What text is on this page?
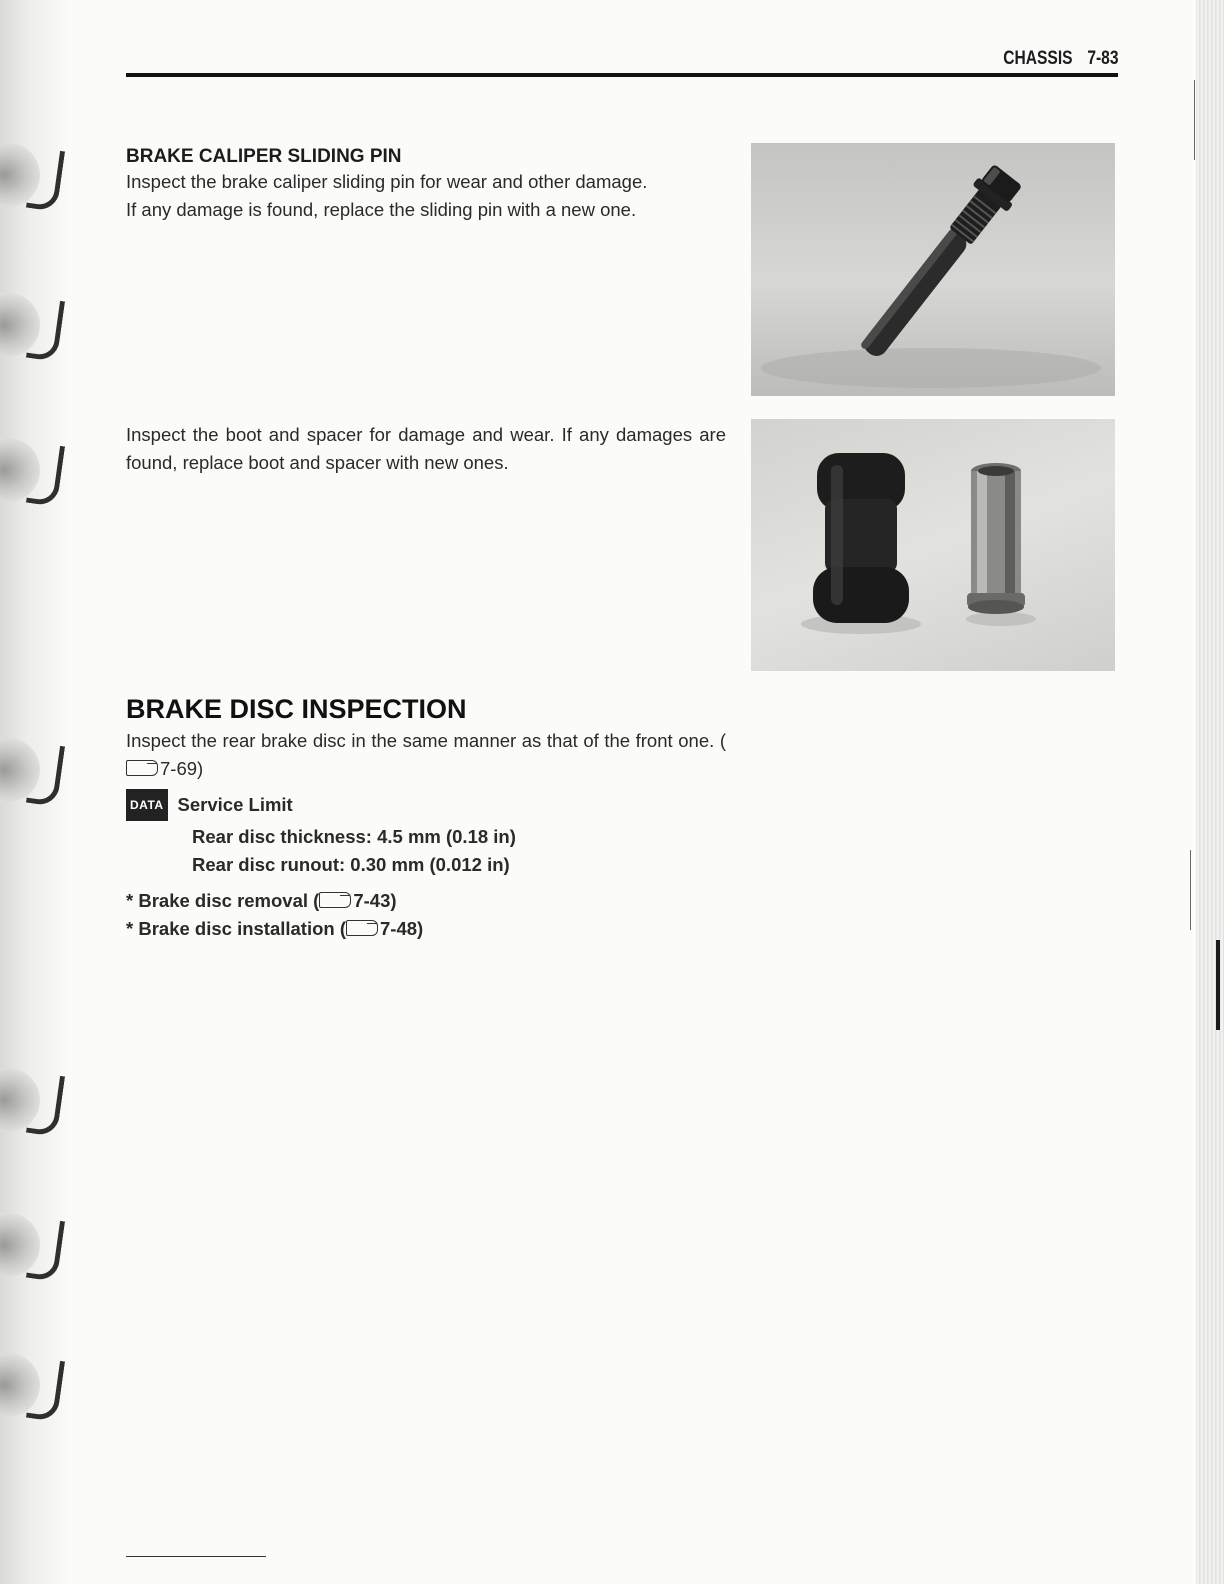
CHASSIS 7-83
BRAKE CALIPER SLIDING PIN

Inspect the brake caliper sliding pin for wear and other damage.

If any damage is found, replace the sliding pin with a new one.

Inspect the boot and spacer for damage and wear. If any damages are found, replace boot and spacer with new ones.

BRAKE DISC INSPECTION

Inspect the rear brake disc in the same manner as that of the front one. (7-69)

DATA Service Limit
Rear disc thickness: 4.5 mm (0.18 in)
Rear disc runout: 0.30 mm (0.012 in)
* Brake disc removal ( 7-43)
* Brake disc installation ( 7-48)
